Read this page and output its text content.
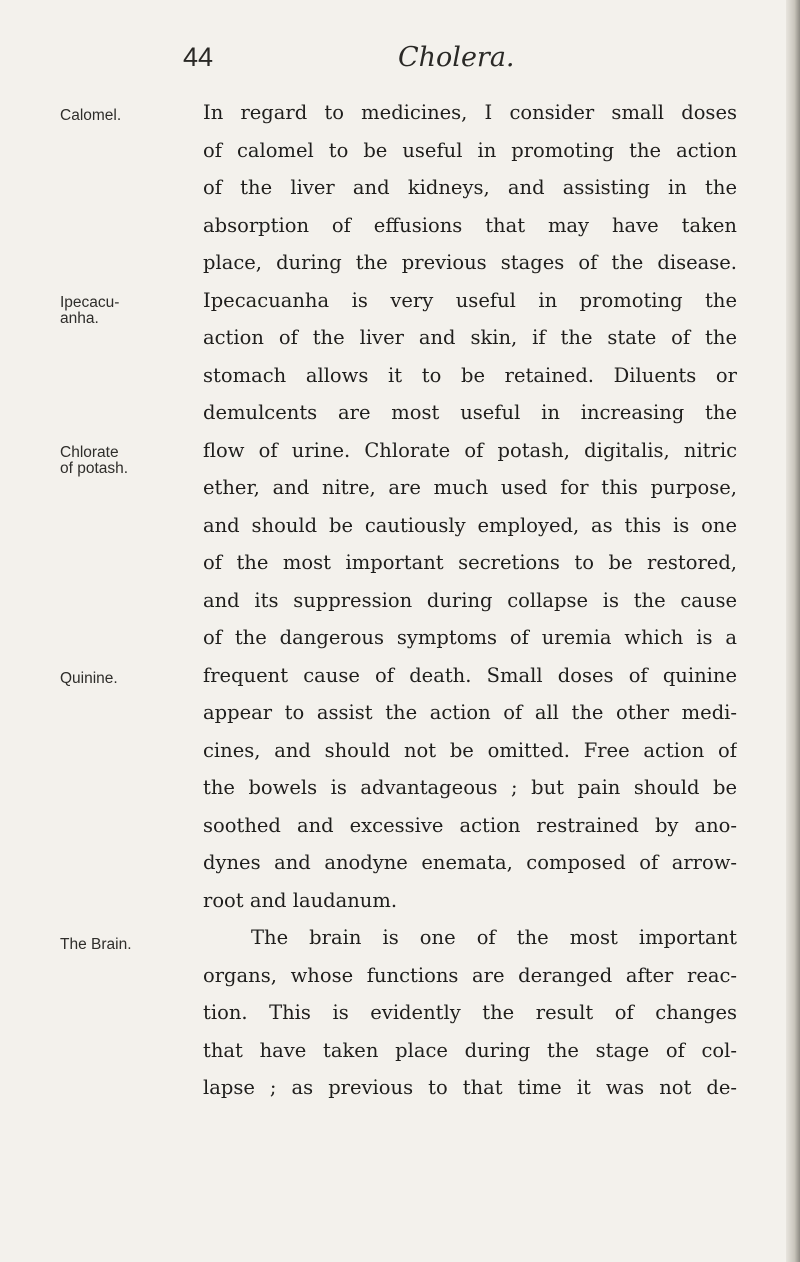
44	Cholera.
Calomel.
Ipecacu-
anha.
Chlorate
of potash.
Quinine.
The Brain.
In regard to medicines, I consider small doses
of calomel to be useful in promoting the action
of the liver and kidneys, and assisting in the
absorption of effusions that may have taken
place, during the previous stages of the disease.
Ipecacuanha is very useful in promoting the
action of the liver and skin, if the state of the
stomach allows it to be retained. Diluents or
demulcents are most useful in increasing the
flow of urine. Chlorate of potash, digitalis, nitric
ether, and nitre, are much used for this purpose,
and should be cautiously employed, as this is one
of the most important secretions to be restored,
and its suppression during collapse is the cause
of the dangerous symptoms of uremia which is a
frequent cause of death. Small doses of quinine
appear to assist the action of all the other medi-
cines, and should not be omitted. Free action of
the bowels is advantageous ; but pain should be
soothed and excessive action restrained by ano-
dynes and anodyne enemata, composed of arrow-
root and laudanum.
The brain is one of the most important
organs, whose functions are deranged after reac-
tion. This is evidently the result of changes
that have taken place during the stage of col-
lapse ; as previous to that time it was not de-
